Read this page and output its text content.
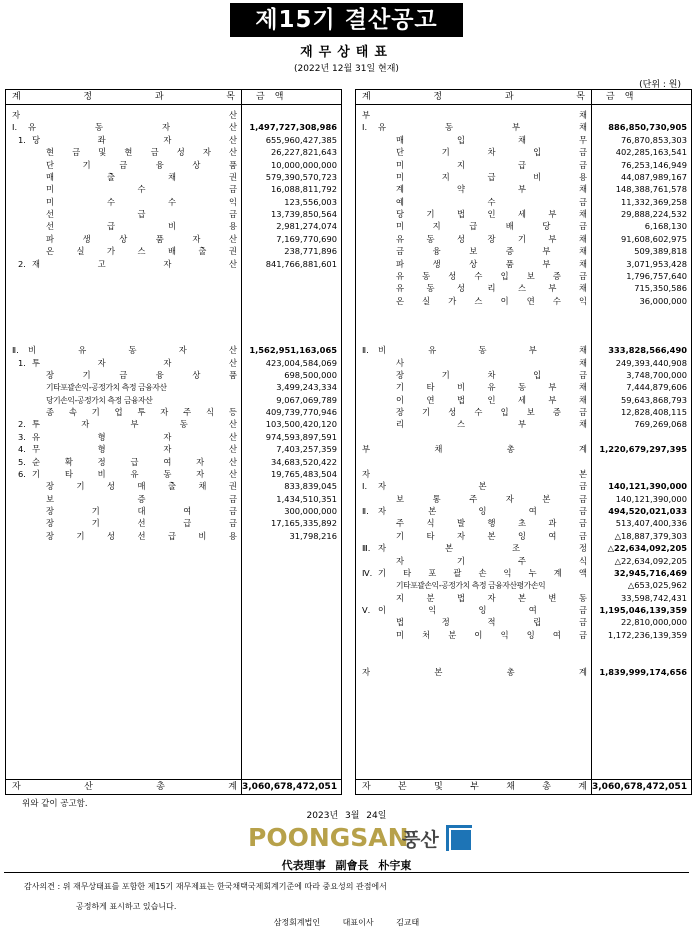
제15기 결산공고
재무상태표
(2022년 12월 31일 현재)
(단위 : 원)
계	정	과	목	금액
자	산
Ⅰ. 유	동	자	산	1,497,727,308,986
1. 당	좌	자	산	655,960,427,385
현 금 및 현 금 성 자 산	26,227,821,643
단	기	금	융	상	품	10,000,000,000
매	출	채	권	579,390,570,723
미	수	금	16,088,811,792
미	수	수	익	123,556,003
선	급	금	13,739,850,564
선	급	비	용	2,981,274,074
파	생	상	품	자	산	7,169,770,690
온	실	가	스	배	출	권	238,771,896
2. 재	고	자	산	841,766,881,601
Ⅱ. 비	유	동	자	산	1,562,951,163,065
1. 투	자	자	산	423,004,584,069
장	기	금	융	상	품	698,500,000
기타포괄손익-공정가치 측정 금융자산	3,499,243,334
당기손익-공정가치 측정 금융자산	9,067,069,789
종 속 기 업 투 자 주 식 등	409,739,770,946
2. 투	자	부	동	산	103,500,420,120
3. 유	형	자	산	974,593,897,591
4. 무	형	자	산	7,403,257,359
5. 순	확	정	급	여	자	산	34,683,520,422
6. 기	타	비	유	동	자	산	19,765,483,504
장	기	성	매	출	채	권	833,839,045
보	증	금	1,434,510,351
장	기	대	여	금	300,000,000
장	기	선	급	금	17,165,335,892
장	기	성	선	급	비	용	31,798,216
자	산	총	계 3,060,678,472,051
계	정	과	목	금액
부	채
Ⅰ. 유	동	부	채	886,850,730,905
매	입	채	무	76,870,853,303
단	기	차	입	금	402,285,163,541
미	지	급	금	76,253,146,949
미	지	급	비	용	44,087,989,167
계	약	부	채	148,388,761,578
예	수	금	11,332,369,258
당	기	법	인	세	부	채	29,888,224,532
미	지	급	배	당	금	6,168,130
유	동	성	장	기	부	채	91,608,602,975
금	융	보	증	부	채	509,389,818
파	생	상	품	부	채	3,071,953,428
유 동 성 수 입 보 증 금	1,796,757,640
유	동	성	리	스	부	채	715,350,586
온 실 가 스 이 연 수 익	36,000,000
Ⅱ. 비	유	동	부	채	333,828,566,490
사	채	249,393,440,908
장	기	차	입	금	3,748,700,000
기	타	비	유	동	부	채	7,444,879,606
이	연	법	인	세	부	채	59,643,868,793
장 기 성 수 입 보 증 금	12,828,408,115
리	스	부	채	769,269,068
부	채	총	계	1,220,679,297,395
자	본
Ⅰ. 자	본	금	140,121,390,000
보	통	주	자	본	금	140,121,390,000
Ⅱ. 자	본	잉	여	금	494,520,021,033
주	식	발	행	초	과	금	513,407,400,336
기	타	자	본	잉	여	금	△18,887,379,303
Ⅲ. 자	본	조	정	△22,634,092,205
자	기	주	식	△22,634,092,205
Ⅳ. 기 타 포 괄 손 익 누 계 액	32,945,716,469
기타포괄손익-공정가치 측정 금융자산평가손익	△653,025,962
지	분	법	자	본	변	동	33,598,742,431
Ⅴ. 이	익	잉	여	금	1,195,046,139,359
법	정	적	립	금	22,810,000,000
미 처 분 이 익 잉 여 금	1,172,236,139,359
자	본	총	계	1,839,999,174,656
자	본	및	부	채	총	계 3,060,678,472,051
위와 같이 공고함.
2023년 3월 24일
POONGSAN
풍산
代表理事 副會長 朴宇東
감사의견 : 위 재무상태표를 포함한 제15기 재무제표는 한국채택국제회계기준에 따라 중요성의 관점에서
공정하게 표시하고 있습니다.
삼정회계법인 대표이사 김교태
